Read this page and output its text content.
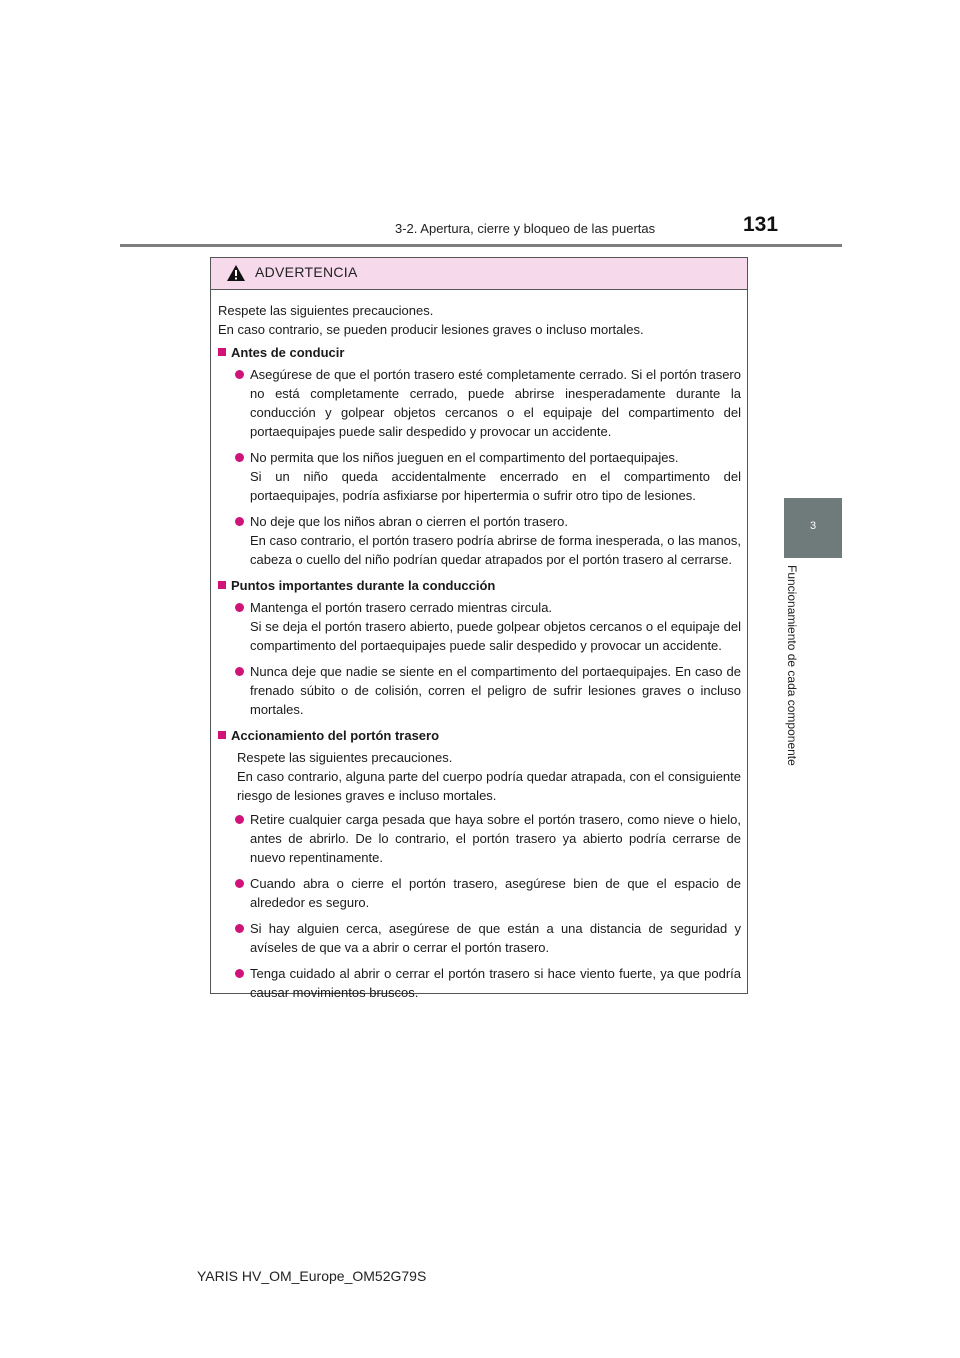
3-2. Apertura, cierre y bloqueo de las puertas	131
3
Funcionamiento de cada componente
ADVERTENCIA

Respete las siguientes precauciones.

En caso contrario, se pueden producir lesiones graves o incluso mortales.

Antes de conducir

Asegúrese de que el portón trasero esté completamente cerrado. Si el portón trasero no está completamente cerrado, puede abrirse inesperadamente durante la conducción y golpear objetos cercanos o el equipaje del compartimento del portaequipajes puede salir despedido y provocar un accidente.

No permita que los niños jueguen en el compartimento del portaequipajes.

Si un niño queda accidentalmente encerrado en el compartimento del portaequipajes, podría asfixiarse por hipertermia o sufrir otro tipo de lesiones.

No deje que los niños abran o cierren el portón trasero.

En caso contrario, el portón trasero podría abrirse de forma inesperada, o las manos, cabeza o cuello del niño podrían quedar atrapados por el portón trasero al cerrarse.

Puntos importantes durante la conducción

Mantenga el portón trasero cerrado mientras circula.

Si se deja el portón trasero abierto, puede golpear objetos cercanos o el equipaje del compartimento del portaequipajes puede salir despedido y provocar un accidente.

Nunca deje que nadie se siente en el compartimento del portaequipajes. En caso de frenado súbito o de colisión, corren el peligro de sufrir lesiones graves o incluso mortales.

Accionamiento del portón trasero

Respete las siguientes precauciones.

En caso contrario, alguna parte del cuerpo podría quedar atrapada, con el consiguiente riesgo de lesiones graves e incluso mortales.

Retire cualquier carga pesada que haya sobre el portón trasero, como nieve o hielo, antes de abrirlo. De lo contrario, el portón trasero ya abierto podría cerrarse de nuevo repentinamente.

Cuando abra o cierre el portón trasero, asegúrese bien de que el espacio de alrededor es seguro.

Si hay alguien cerca, asegúrese de que están a una distancia de seguridad y avíseles de que va a abrir o cerrar el portón trasero.

Tenga cuidado al abrir o cerrar el portón trasero si hace viento fuerte, ya que podría causar movimientos bruscos.

YARIS HV_OM_Europe_OM52G79S
